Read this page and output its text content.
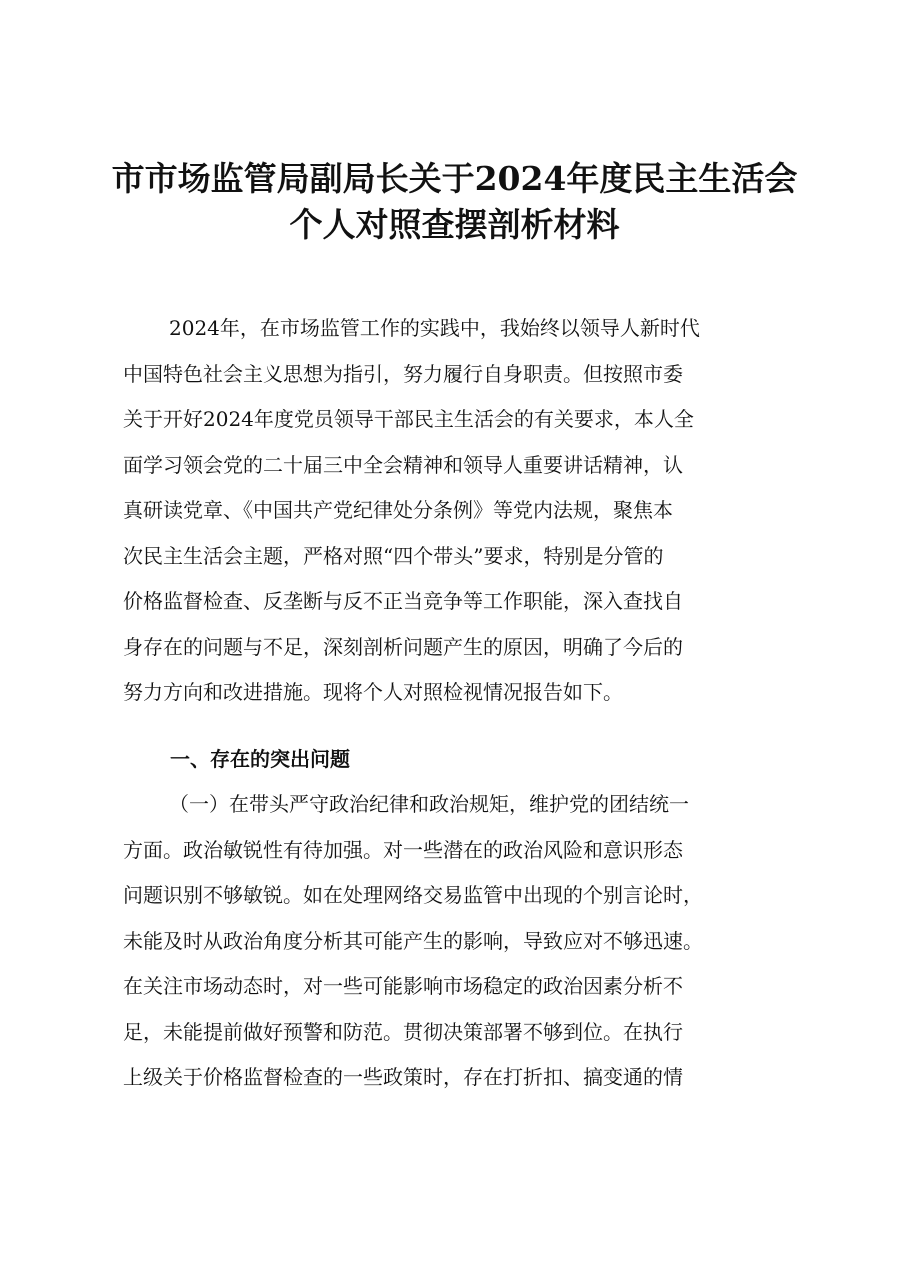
市市场监管局副局长关于2024年度民主生活会
个人对照查摆剖析材料
2024年，在市场监管工作的实践中，我始终以领导人新时代
中国特色社会主义思想为指引，努力履行自身职责。但按照市委
关于开好2024年度党员领导干部民主生活会的有关要求，本人全
面学习领会党的二十届三中全会精神和领导人重要讲话精神，认
真研读党章、《中国共产党纪律处分条例》等党内法规，聚焦本
次民主生活会主题，严格对照“四个带头”要求，特别是分管的
价格监督检查、反垄断与反不正当竞争等工作职能，深入查找自
身存在的问题与不足，深刻剖析问题产生的原因，明确了今后的
努力方向和改进措施。现将个人对照检视情况报告如下。
一、存在的突出问题
（一）在带头严守政治纪律和政治规矩，维护党的团结统一
方面。政治敏锐性有待加强。对一些潜在的政治风险和意识形态
问题识别不够敏锐。如在处理网络交易监管中出现的个别言论时，
未能及时从政治角度分析其可能产生的影响，导致应对不够迅速。
在关注市场动态时，对一些可能影响市场稳定的政治因素分析不
足，未能提前做好预警和防范。贯彻决策部署不够到位。在执行
上级关于价格监督检查的一些政策时，存在打折扣、搞变通的情
